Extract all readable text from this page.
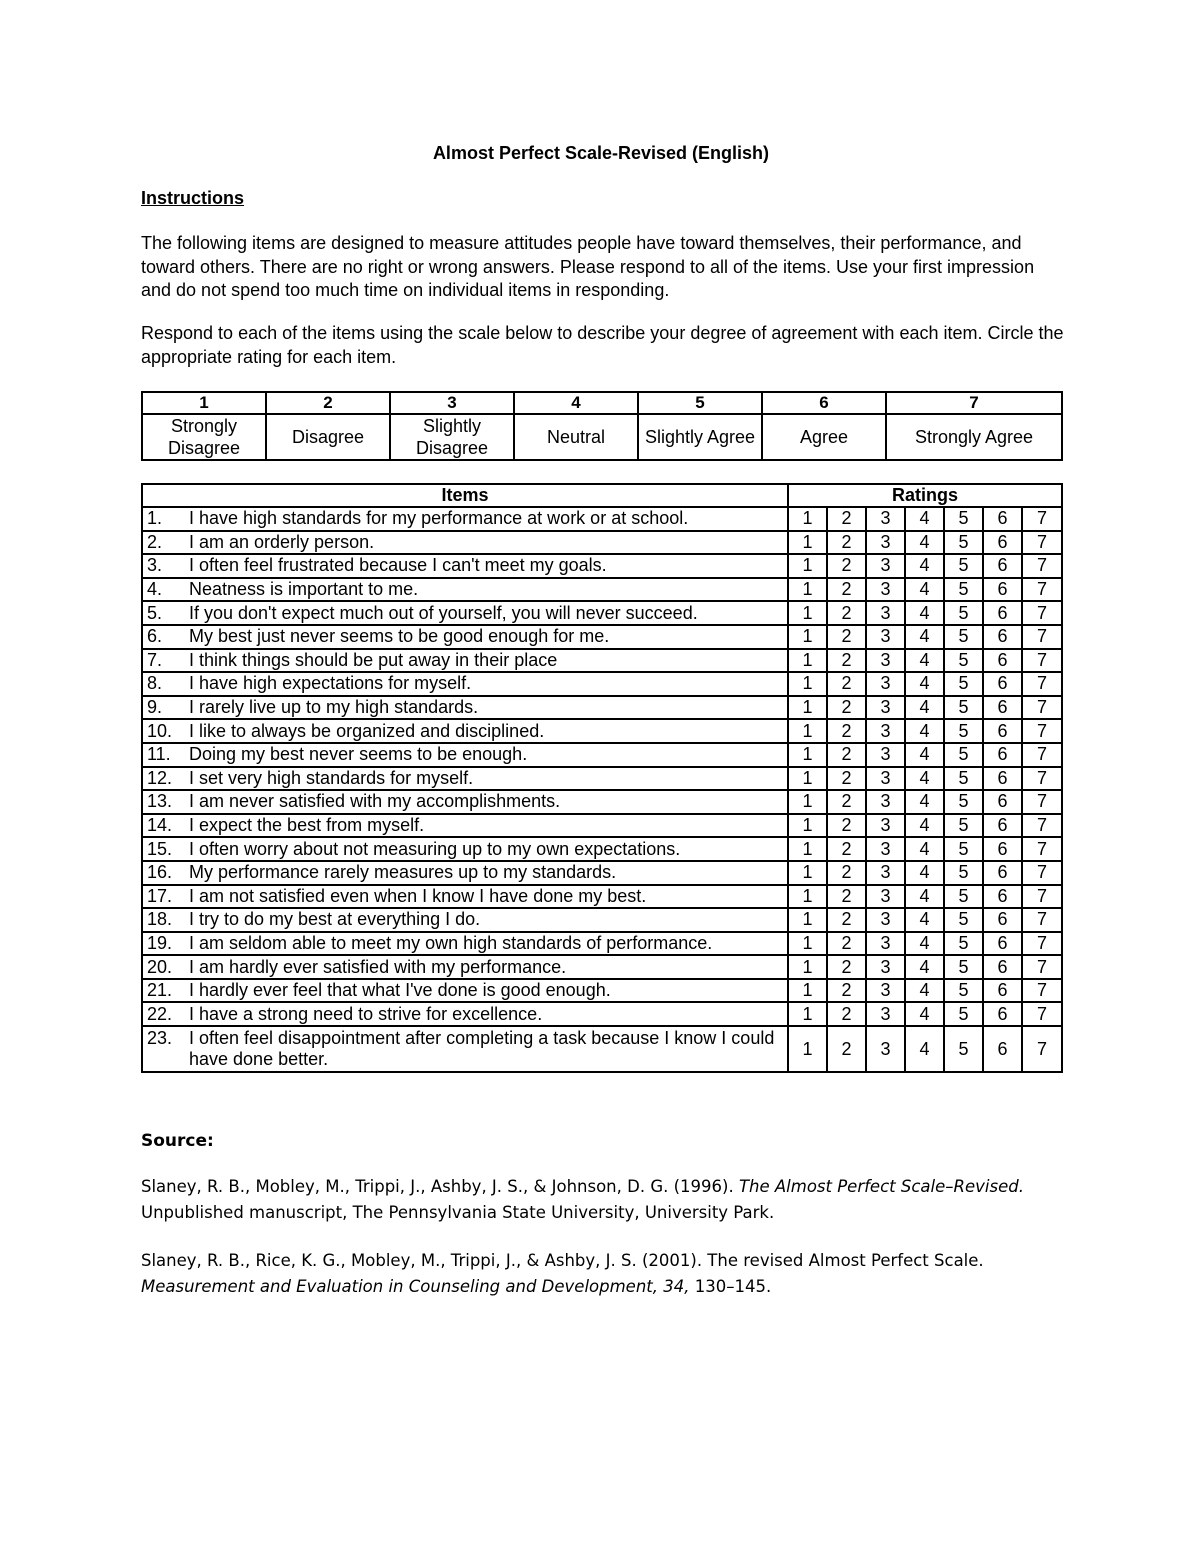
Almost Perfect Scale-Revised (English)
Instructions
The following items are designed to measure attitudes people have toward themselves, their performance, and toward others. There are no right or wrong answers. Please respond to all of the items. Use your first impression and do not spend too much time on individual items in responding.
Respond to each of the items using the scale below to describe your degree of agreement with each item. Circle the appropriate rating for each item.
1	2	3	4	5	6	7
Strongly Disagree	Disagree	Slightly Disagree	Neutral	Slightly Agree	Agree	Strongly Agree
Items	Ratings						

1. I have high standards for my performance at work or at school.	1	2	3	4	5	6	7

2. I am an orderly person.	1	2	3	4	5	6	7

3. I often feel frustrated because I can't meet my goals.	1	2	3	4	5	6	7

4. Neatness is important to me.	1	2	3	4	5	6	7

5. If you don't expect much out of yourself, you will never succeed.	1	2	3	4	5	6	7

6. My best just never seems to be good enough for me.	1	2	3	4	5	6	7

7. I think things should be put away in their place	1	2	3	4	5	6	7

8. I have high expectations for myself.	1	2	3	4	5	6	7

9. I rarely live up to my high standards.	1	2	3	4	5	6	7

10. I like to always be organized and disciplined.	1	2	3	4	5	6	7

11. Doing my best never seems to be enough.	1	2	3	4	5	6	7

12. I set very high standards for myself.	1	2	3	4	5	6	7

13. I am never satisfied with my accomplishments.	1	2	3	4	5	6	7

14. I expect the best from myself.	1	2	3	4	5	6	7

15. I often worry about not measuring up to my own expectations.	1	2	3	4	5	6	7

16. My performance rarely measures up to my standards.	1	2	3	4	5	6	7

17. I am not satisfied even when I know I have done my best.	1	2	3	4	5	6	7

18. I try to do my best at everything I do.	1	2	3	4	5	6	7

19. I am seldom able to meet my own high standards of performance.	1	2	3	4	5	6	7

20. I am hardly ever satisfied with my performance.	1	2	3	4	5	6	7

21. I hardly ever feel that what I've done is good enough.	1	2	3	4	5	6	7

22. I have a strong need to strive for excellence.	1	2	3	4	5	6	7

23. I often feel disappointment after completing a task because I know I could have done better.	1	2	3	4	5	6	7
Source:
Slaney, R. B., Mobley, M., Trippi, J., Ashby, J. S., & Johnson, D. G. (1996). The Almost Perfect Scale–Revised. Unpublished manuscript, The Pennsylvania State University, University Park.
Slaney, R. B., Rice, K. G., Mobley, M., Trippi, J., & Ashby, J. S. (2001). The revised Almost Perfect Scale. Measurement and Evaluation in Counseling and Development, 34, 130–145.
